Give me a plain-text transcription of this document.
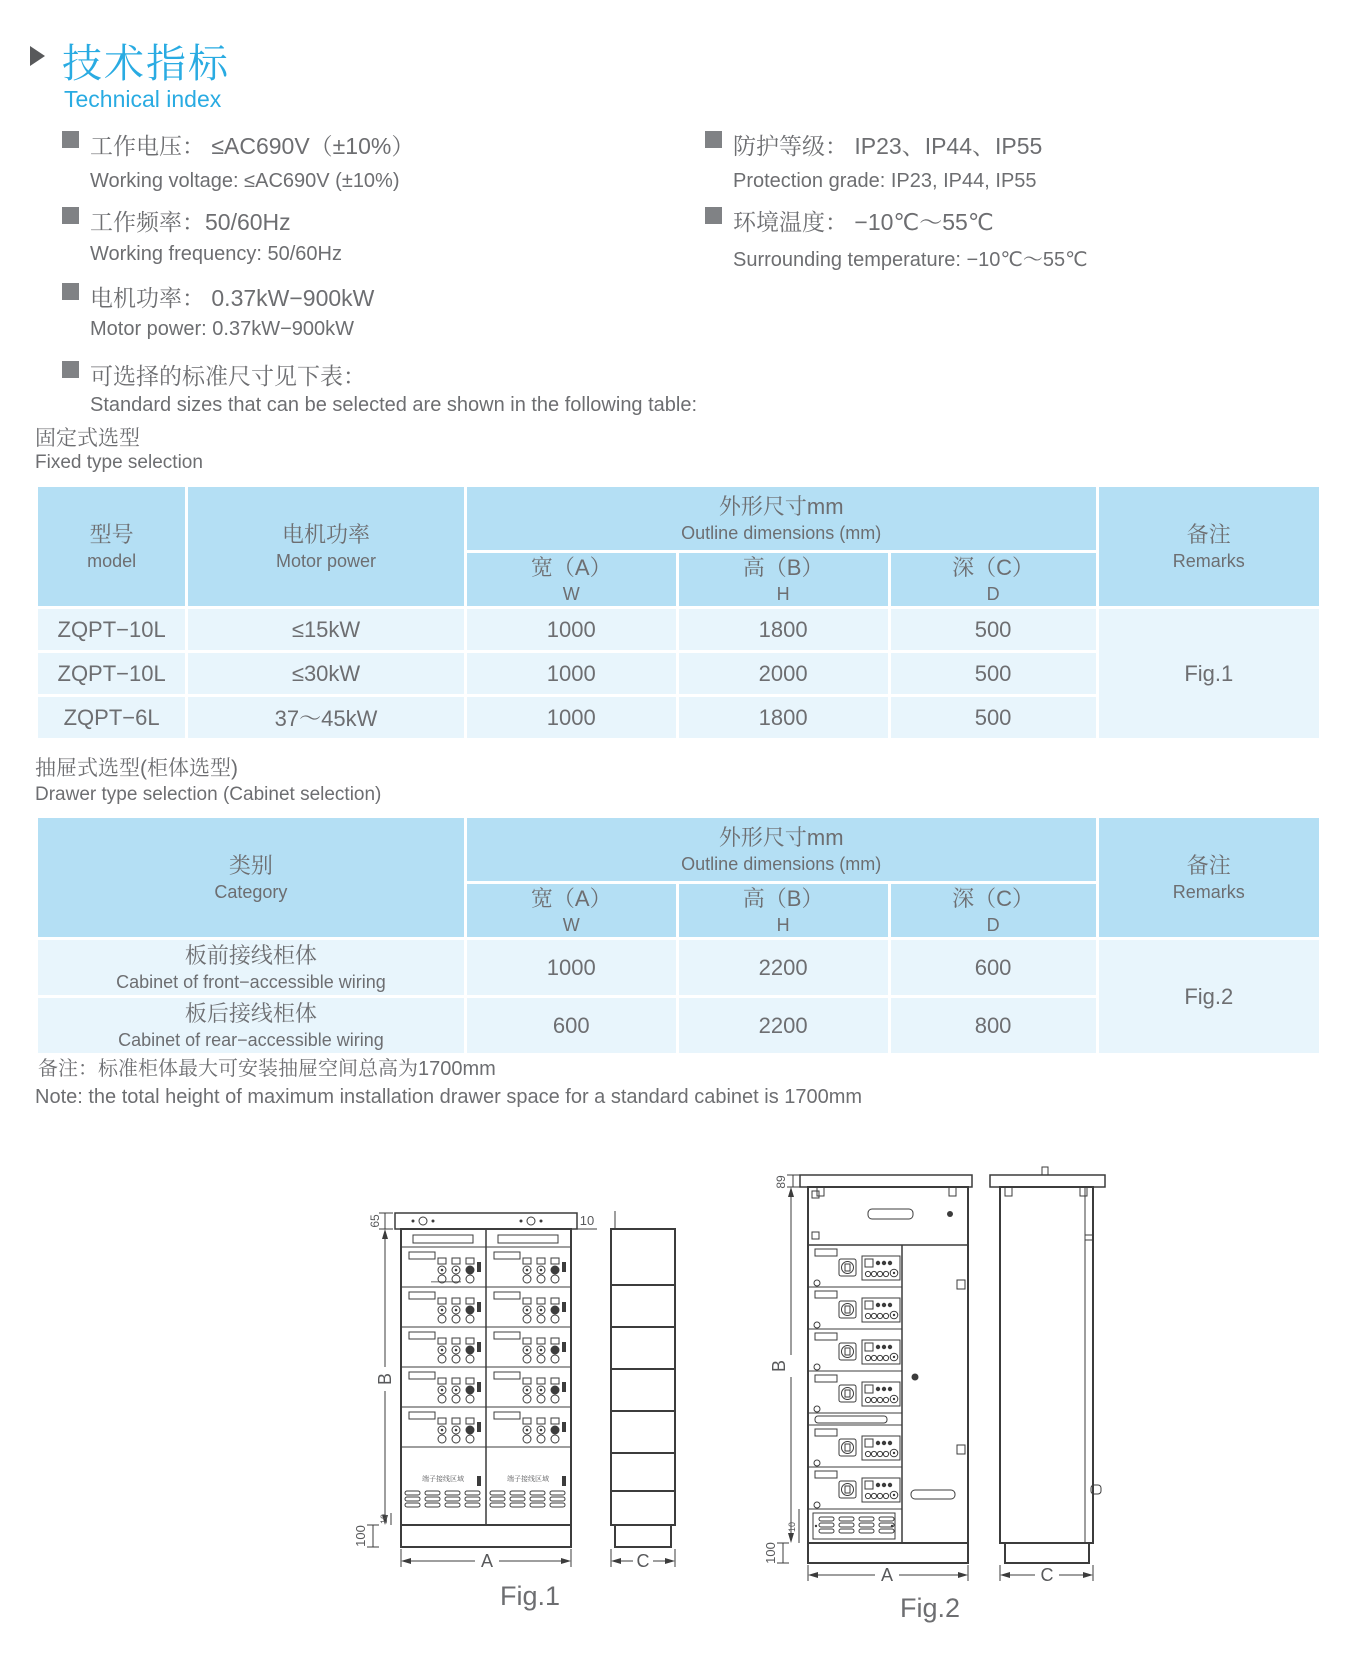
技术指标
Technical index
工作电压： ≤AC690V（±10%）
Working voltage: ≤AC690V (±10%)
工作频率：50/60Hz
Working frequency: 50/60Hz
电机功率： 0.37kW−900kW
Motor power: 0.37kW−900kW
可选择的标准尺寸见下表：
Standard sizes that can be selected are shown in the following table:
防护等级： IP23、IP44、IP55
Protection grade: IP23, IP44, IP55
环境温度： −10℃～55℃
Surrounding temperature: −10℃～55℃
固定式选型
Fixed type selection
型号
model	电机功率
Motor power	外形尺寸mm
Outline dimensions (mm)			备注
Remarks

		宽（A）
W	高（B）
H	深（C）
D	

ZQPT−10L	≤15kW	1000	1800	500	Fig.1
ZQPT−10L	≤30kW	1000	2000	500	
ZQPT−6L	37～45kW	1000	1800	500	
抽屉式选型(柜体选型)
Drawer type selection (Cabinet selection)
类别
Category	外形尺寸mm
Outline dimensions (mm)			备注
Remarks

	宽（A）
W	高（B）
H	深（C）
D	

板前接线柜体
Cabinet of front−accessible wiring	1000	2200	600	Fig.2

板后接线柜体
Cabinet of rear−accessible wiring	600	2200	800	
备注：标准柜体最大可安装抽屉空间总高为1700mm
Note: the total height of maximum installation drawer space for a standard cabinet is 1700mm
端子接线区域	端子接线区域
65	10
B
10
100
A	C
Fig.1
89
B
10
100
A	C
Fig.2
